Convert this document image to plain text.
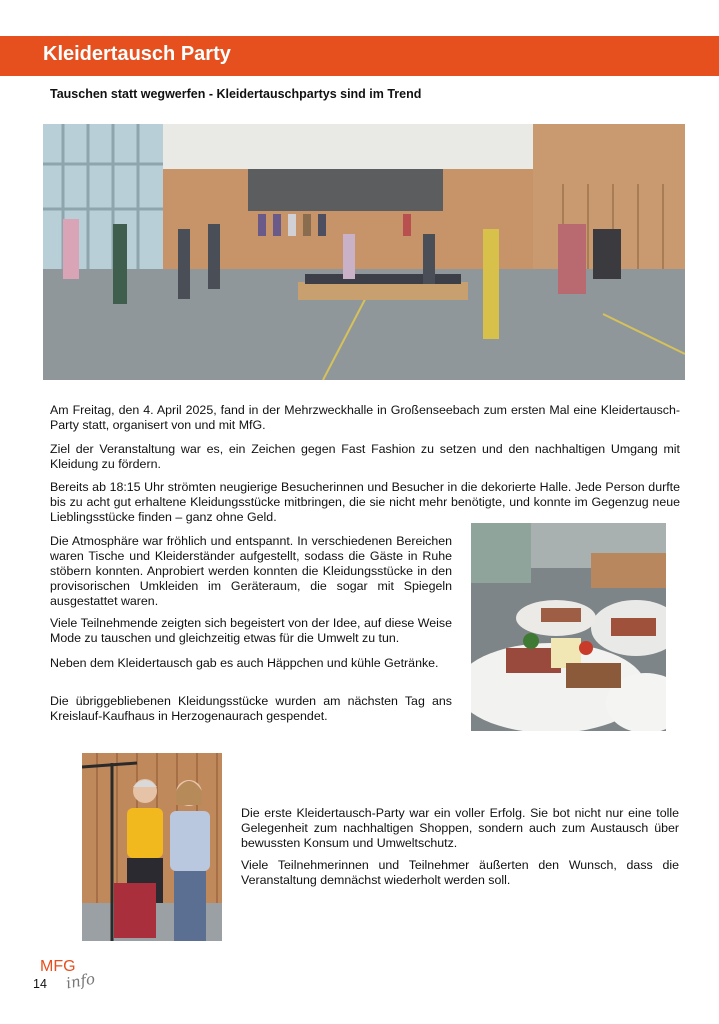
Kleidertausch Party
Tauschen statt wegwerfen - Kleidertauschpartys sind im Trend

Am Freitag, den 4. April 2025, fand in der Mehrzweckhalle in Großenseebach zum ersten Mal eine Kleidertausch-Party statt, organisert von und mit MfG.

Ziel der Veranstaltung war es, ein Zeichen gegen Fast Fashion zu setzen und den nachhaltigen Umgang mit Kleidung zu fördern.

Bereits ab 18:15 Uhr strömten neugierige Besucherinnen und Besucher in die dekorierte Halle. Jede Person durfte bis zu acht gut erhaltene Kleidungsstücke mitbringen, die sie nicht mehr benötigte, und konnte im Gegenzug neue Lieblingsstücke finden – ganz ohne Geld.

Die Atmosphäre war fröhlich und entspannt. In verschiedenen Bereichen waren Tische und Kleiderständer aufgestellt, sodass die Gäste in Ruhe stöbern konnten. Anprobiert werden konnten die Kleidungsstücke in den provisorischen Umkleiden im Geräteraum, die sogar mit Spiegeln ausgestattet waren.

Viele Teilnehmende zeigten sich begeistert von der Idee, auf diese Weise Mode zu tauschen und gleichzeitig etwas für die Umwelt zu tun.

Neben dem Kleidertausch gab es auch Häppchen und kühle Getränke.

Die übriggebliebenen Kleidungsstücke wurden am nächsten Tag ans Kreislauf-Kaufhaus in Herzogenaurach gespendet.

Die erste Kleidertausch-Party war ein voller Erfolg. Sie bot nicht nur eine tolle Gelegenheit zum nachhaltigen Shoppen, sondern auch zum Austausch über bewussten Konsum und Umweltschutz.

Viele Teilnehmerinnen und Teilnehmer äußerten den Wunsch, dass die Veranstaltung demnächst wiederholt werden soll.

MFG
info
14
